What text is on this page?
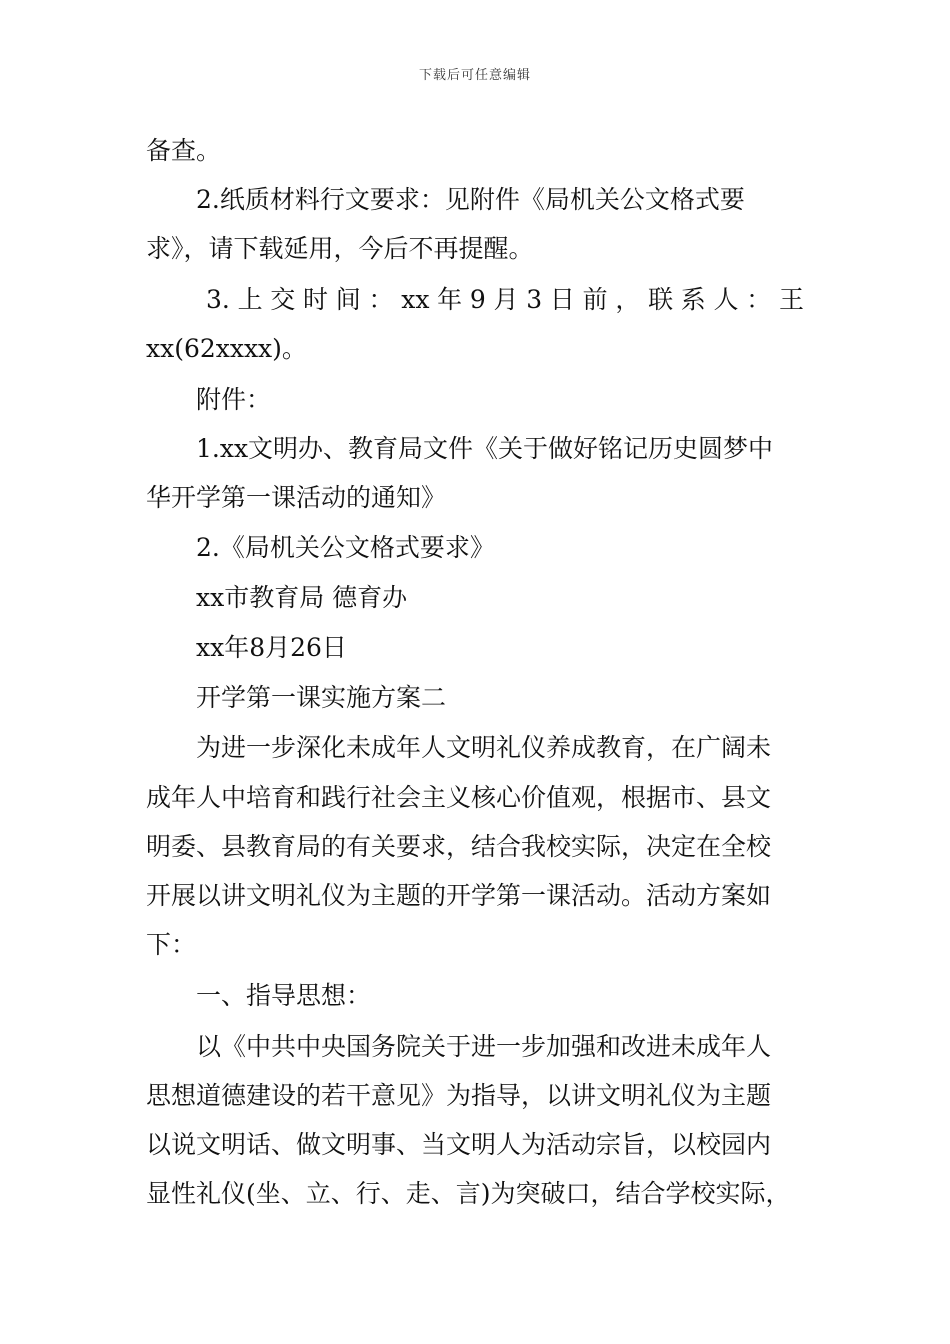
下载后可任意编辑
备查。
2.纸质材料行文要求：见附件《局机关公文格式要
求》，请下载延用，今后不再提醒。
3.上交时间：xx年9月3日前，联系人：王
xx(62xxxx)。
附件：
1.xx文明办、教育局文件《关于做好铭记历史圆梦中
华开学第一课活动的通知》
2.《局机关公文格式要求》
xx市教育局 德育办
xx年8月26日
开学第一课实施方案二
为进一步深化未成年人文明礼仪养成教育，在广阔未
成年人中培育和践行社会主义核心价值观，根据市、县文
明委、县教育局的有关要求，结合我校实际，决定在全校
开展以讲文明礼仪为主题的开学第一课活动。活动方案如
下：
一、指导思想：
以《中共中央国务院关于进一步加强和改进未成年人
思想道德建设的若干意见》为指导，以讲文明礼仪为主题
以说文明话、做文明事、当文明人为活动宗旨，以校园内
显性礼仪(坐、立、行、走、言)为突破口，结合学校实际，
